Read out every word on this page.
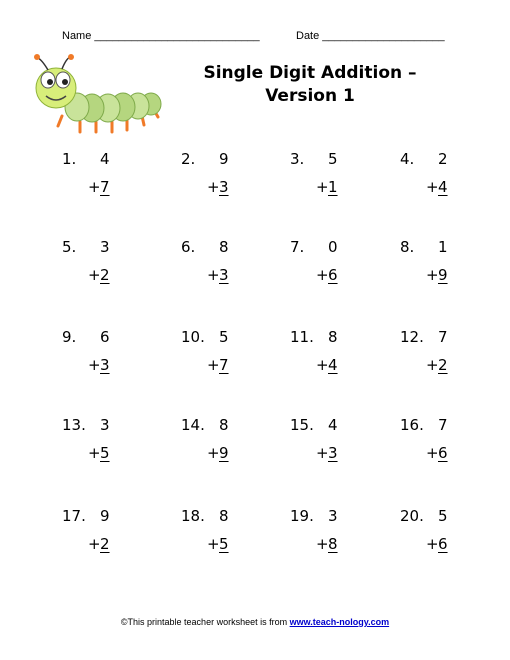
Name ___________________________	Date ____________________
Single Digit Addition –
Version 1
1. 4
+ 7
2. 9
+ 3
3. 5
+ 1
4. 2
+ 4
5. 3
+ 2
6. 8
+ 3
7. 0
+ 6
8. 1
+ 9
9. 6
+ 3
10. 5
+ 7
11. 8
+ 4
12. 7
+ 2
13. 3
+ 5
14. 8
+ 9
15. 4
+ 3
16. 7
+ 6
17. 9
+ 2
18. 8
+ 5
19. 3
+ 8
20. 5
+ 6
©This printable teacher worksheet is from www.teach-nology.com
